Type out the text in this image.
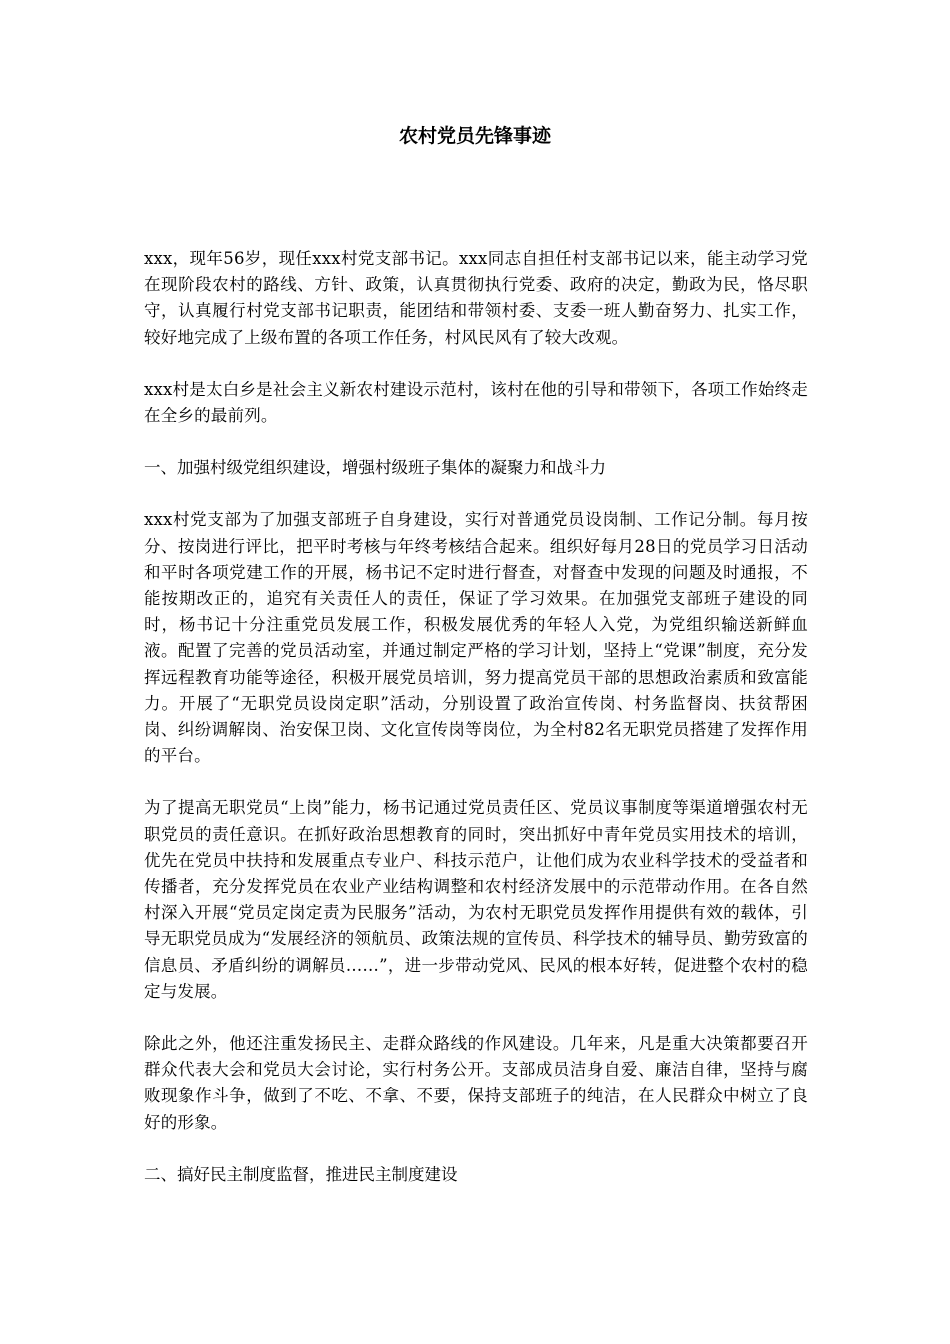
农村党员先锋事迹

xxx，现年56岁，现任xxx村党支部书记。xxx同志自担任村支部书记以来，能主动学习党在现阶段农村的路线、方针、政策，认真贯彻执行党委、政府的决定，勤政为民，恪尽职守，认真履行村党支部书记职责，能团结和带领村委、支委一班人勤奋努力、扎实工作，较好地完成了上级布置的各项工作任务，村风民风有了较大改观。

xxx村是太白乡是社会主义新农村建设示范村，该村在他的引导和带领下，各项工作始终走在全乡的最前列。

一、加强村级党组织建设，增强村级班子集体的凝聚力和战斗力

xxx村党支部为了加强支部班子自身建设，实行对普通党员设岗制、工作记分制。每月按分、按岗进行评比，把平时考核与年终考核结合起来。组织好每月28日的党员学习日活动和平时各项党建工作的开展，杨书记不定时进行督查，对督查中发现的问题及时通报，不能按期改正的，追究有关责任人的责任，保证了学习效果。在加强党支部班子建设的同时，杨书记十分注重党员发展工作，积极发展优秀的年轻人入党，为党组织输送新鲜血液。配置了完善的党员活动室，并通过制定严格的学习计划，坚持上“党课”制度，充分发挥远程教育功能等途径，积极开展党员培训，努力提高党员干部的思想政治素质和致富能力。开展了“无职党员设岗定职”活动，分别设置了政治宣传岗、村务监督岗、扶贫帮困岗、纠纷调解岗、治安保卫岗、文化宣传岗等岗位，为全村82名无职党员搭建了发挥作用的平台。

为了提高无职党员“上岗”能力，杨书记通过党员责任区、党员议事制度等渠道增强农村无职党员的责任意识。在抓好政治思想教育的同时，突出抓好中青年党员实用技术的培训，优先在党员中扶持和发展重点专业户、科技示范户，让他们成为农业科学技术的受益者和传播者，充分发挥党员在农业产业结构调整和农村经济发展中的示范带动作用。在各自然村深入开展“党员定岗定责为民服务”活动，为农村无职党员发挥作用提供有效的载体，引导无职党员成为“发展经济的领航员、政策法规的宣传员、科学技术的辅导员、勤劳致富的信息员、矛盾纠纷的调解员……”，进一步带动党风、民风的根本好转，促进整个农村的稳定与发展。

除此之外，他还注重发扬民主、走群众路线的作风建设。几年来，凡是重大决策都要召开群众代表大会和党员大会讨论，实行村务公开。支部成员洁身自爱、廉洁自律，坚持与腐败现象作斗争，做到了不吃、不拿、不要，保持支部班子的纯洁，在人民群众中树立了良好的形象。

二、搞好民主制度监督，推进民主制度建设
